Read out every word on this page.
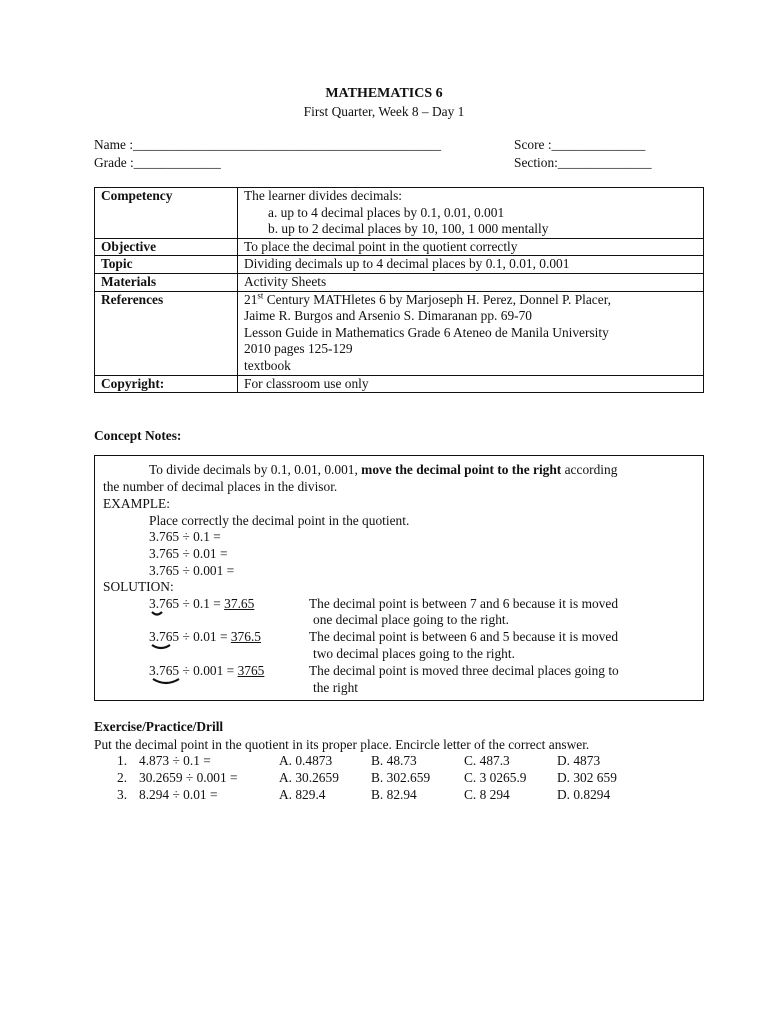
MATHEMATICS 6
First Quarter, Week 8 – Day 1
Name :______________________________________________	Score :______________
Grade :_____________	Section:______________
Competency	The learner divides decimals:
a. up to 4 decimal places by 0.1, 0.01, 0.001
b. up to 2 decimal places by 10, 100, 1 000 mentally

Objective	To place the decimal point in the quotient correctly
Topic	Dividing decimals up to 4 decimal places by 0.1, 0.01, 0.001
Materials	Activity Sheets
References	21st Century MATHletes 6 by Marjoseph H. Perez, Donnel P. Placer,
Jaime R. Burgos and Arsenio S. Dimaranan pp. 69-70
Lesson Guide in Mathematics Grade 6 Ateneo de Manila University
2010 pages 125-129
textbook

Copyright:	For classroom use only
Concept Notes:
To divide decimals by 0.1, 0.01, 0.001, move the decimal point to the right according
the number of decimal places in the divisor.
EXAMPLE:
Place correctly the decimal point in the quotient.
3.765 ÷ 0.1 =
3.765 ÷ 0.01 =
3.765 ÷ 0.001 =
SOLUTION:
3.765 ÷ 0.1 = 37.65	The decimal point is between 7 and 6 because it is moved
one decimal place going to the right.
3.765 ÷ 0.01 = 376.5	The decimal point is between 6 and 5 because it is moved
two decimal places going to the right.
3.765 ÷ 0.001 = 3765	The decimal point is moved three decimal places going to
the right
Exercise/Practice/Drill
Put the decimal point in the quotient in its proper place. Encircle letter of the correct answer.
1. 4.873 ÷ 0.1 =	A. 0.4873	B. 48.73	C. 487.3	D. 4873
2. 30.2659 ÷ 0.001 =	A. 30.2659 B. 302.659	C. 3 0265.9 D. 302 659
3. 8.294 ÷ 0.01 =	A. 829.4	B. 82.94	C. 8 294	D. 0.8294
